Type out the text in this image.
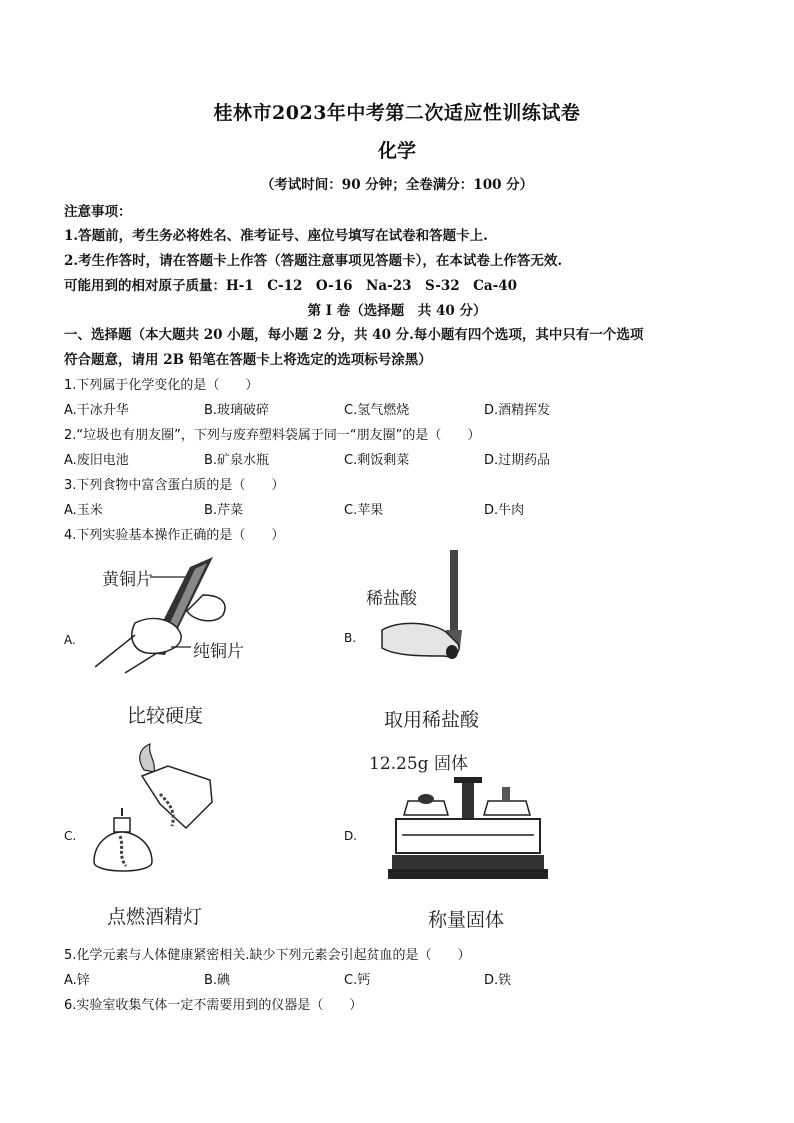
桂林市2023年中考第二次适应性训练试卷
化学
（考试时间：90 分钟；全卷满分：100 分）
注意事项：
1.答题前，考生务必将姓名、准考证号、座位号填写在试卷和答题卡上.
2.考生作答时，请在答题卡上作答（答题注意事项见答题卡），在本试卷上作答无效.
可能用到的相对原子质量：H-1　C-12　O-16　Na-23　S-32　Ca-40
第 I 卷（选择题　共 40 分）
一、选择题（本大题共 20 小题，每小题 2 分，共 40 分.每小题有四个选项，其中只有一个选项
符合题意，请用 2B 铅笔在答题卡上将选定的选项标号涂黑）
1.下列属于化学变化的是（　　）
A.干冰升华	B.玻璃破碎	C.氢气燃烧	D.酒精挥发
2.“垃圾也有朋友圈”，下列与废弃塑料袋属于同一“朋友圈”的是（　　）
A.废旧电池	B.矿泉水瓶	C.剩饭剩菜	D.过期药品
3.下列食物中富含蛋白质的是（　　）
A.玉米	B.芹菜	C.苹果	D.牛肉
4.下列实验基本操作正确的是（　　）
黄铜片
纯铜片
A.
比较硬度
稀盐酸
B.
取用稀盐酸
C.
点燃酒精灯
12.25g 固体
D.
称量固体
5.化学元素与人体健康紧密相关.缺少下列元素会引起贫血的是（　　）
A.锌	B.碘	C.钙	D.铁
6.实验室收集气体一定不需要用到的仪器是（　　）
